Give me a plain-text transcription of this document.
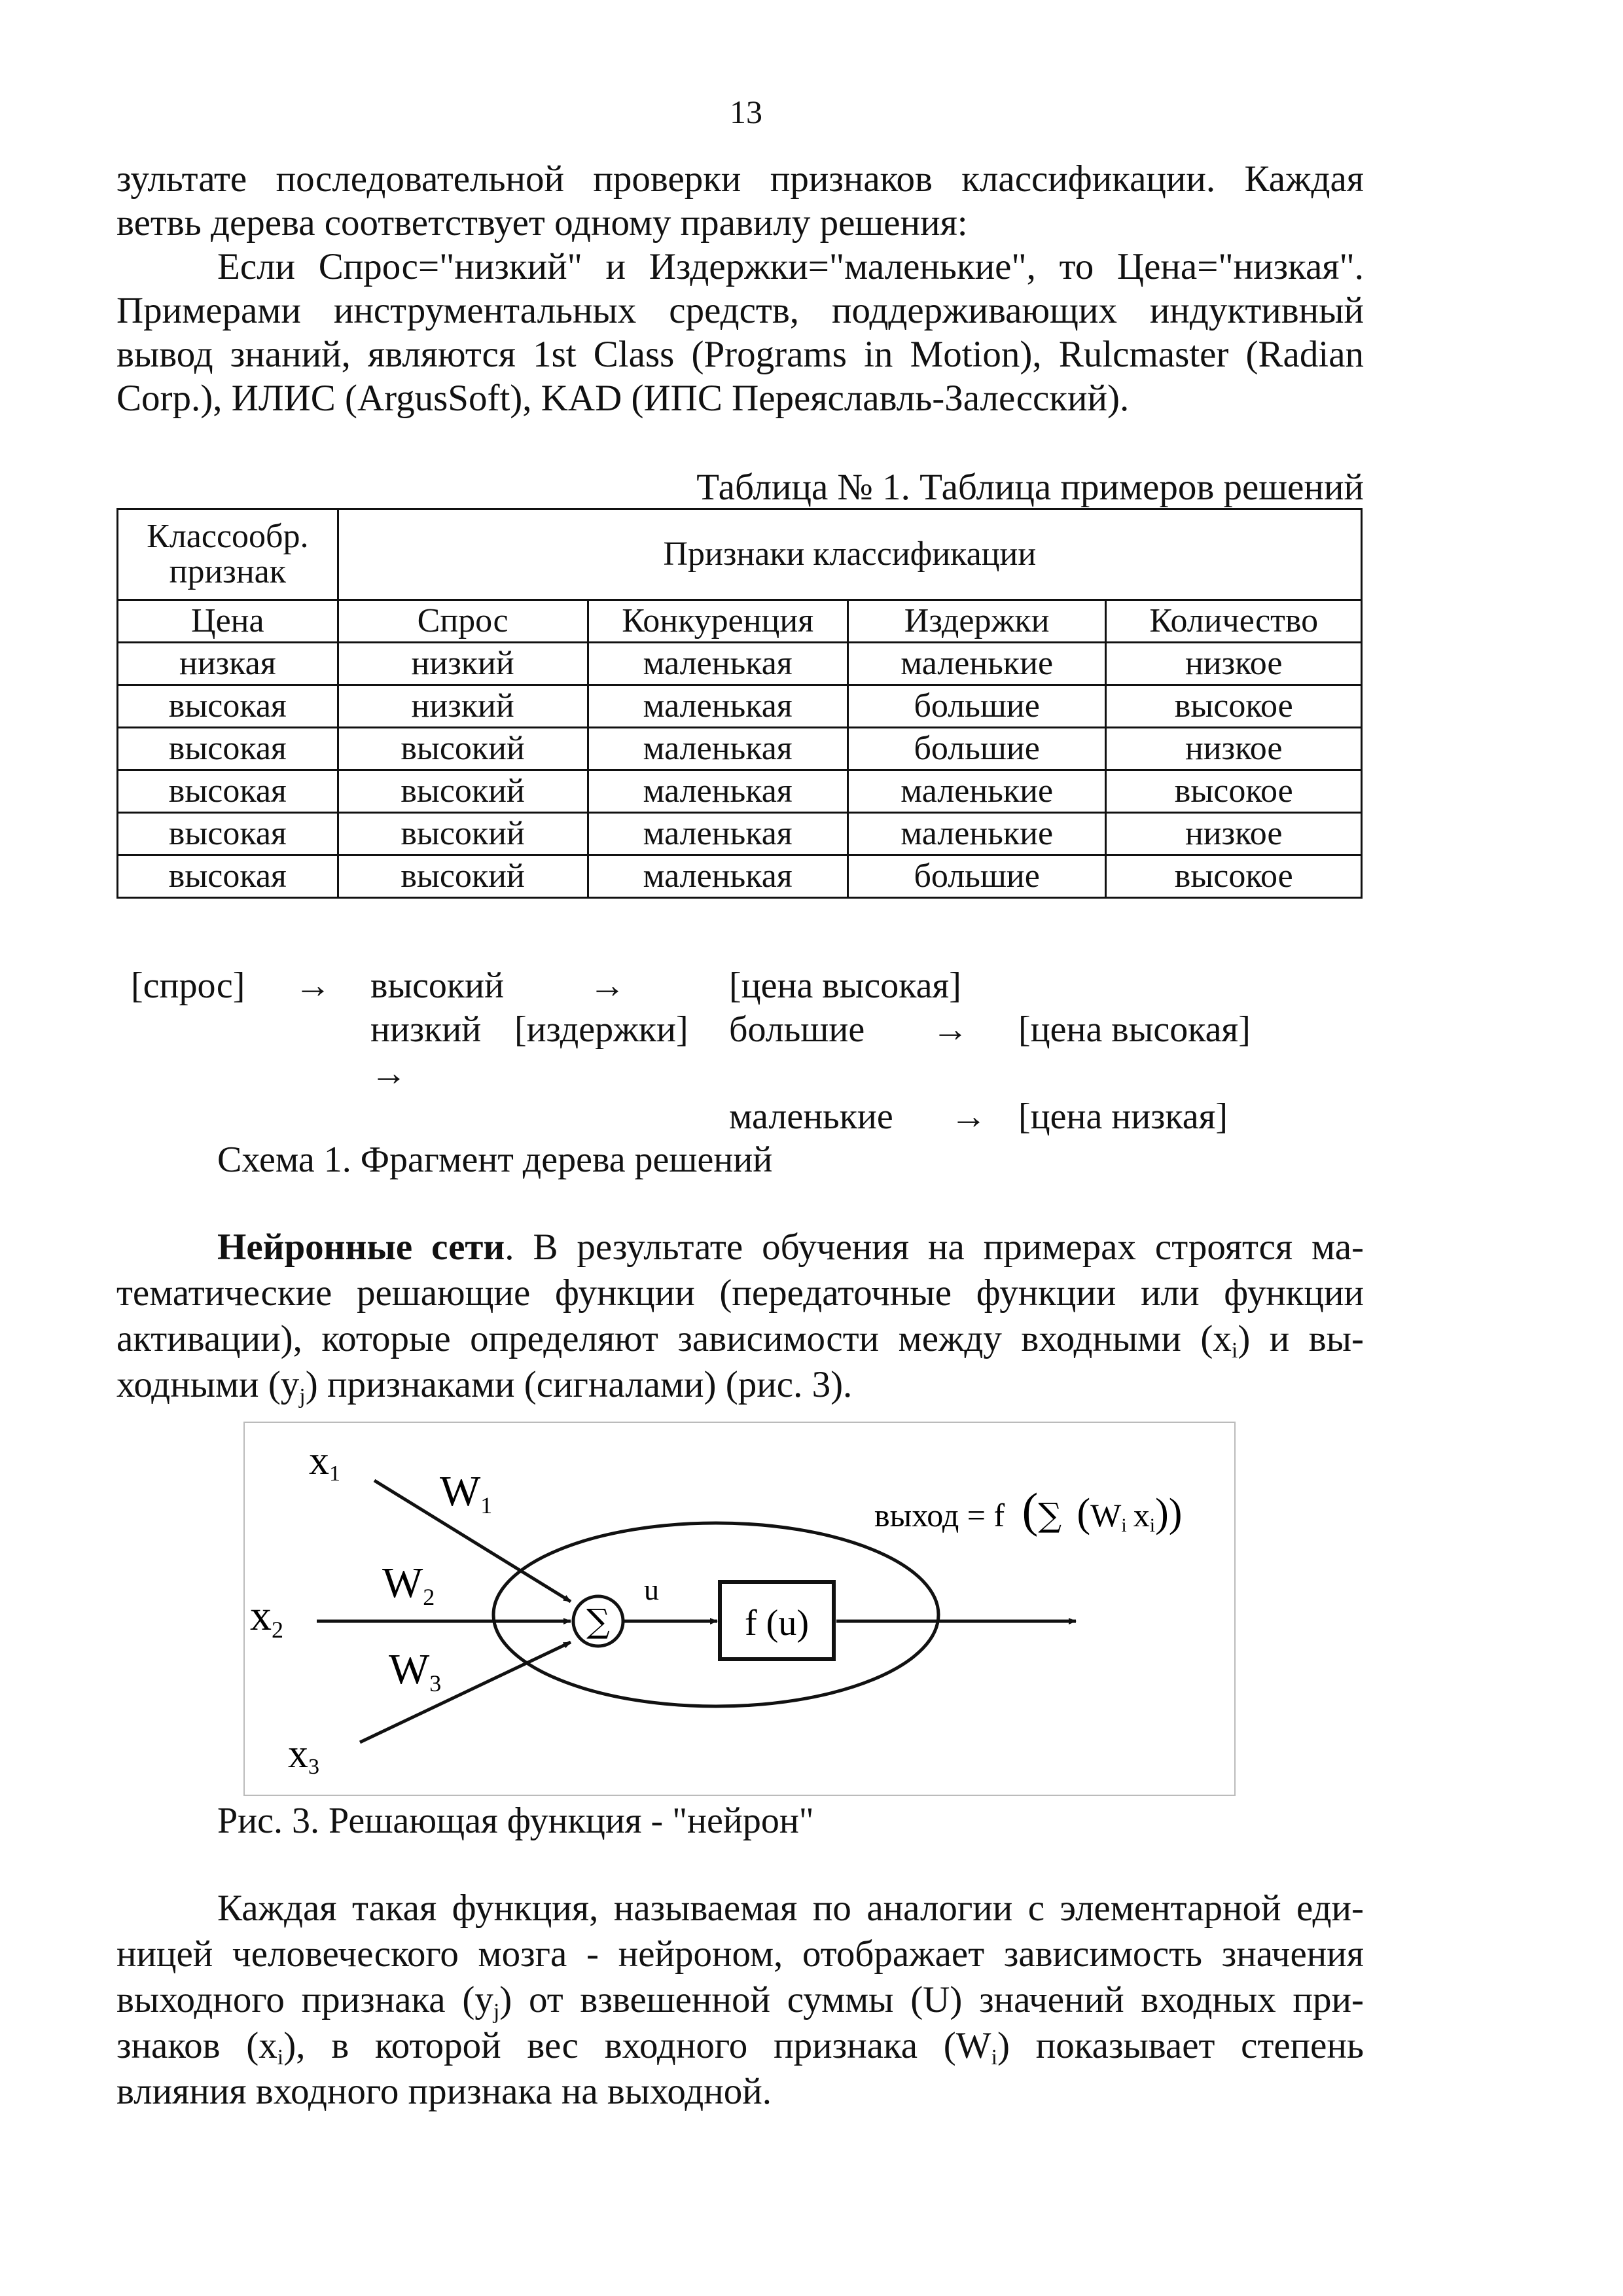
13
зультате последовательной проверки признаков классификации. Каждая
ветвь дерева соответствует одному правилу решения:
Если Спрос="низкий" и Издержки="маленькие", то Цена="низкая".
Примерами инструментальных средств, поддерживающих индуктивный
вывод знаний, являются 1st Class (Programs in Motion), Rulcmaster (Radian
Corp.), ИЛИС (ArgusSoft), KAD (ИПС Переяславль-Залесский).
Таблица № 1. Таблица примеров решений
Классообр. признак	Признаки классификации			
Цена	Спрос	Конкуренция	Издержки	Количество
низкая	низкий	маленькая	маленькие	низкое
высокая	низкий	маленькая	большие	высокое
высокая	высокий	маленькая	большие	низкое
высокая	высокий	маленькая	маленькие	высокое
высокая	высокий	маленькая	маленькие	низкое
высокая	высокий	маленькая	большие	высокое
[спрос] → высокий →	[цена высокая]
низкий [издержки] большие → [цена высокая]
→
маленькие → [цена низкая]
Схема 1. Фрагмент дерева решений
Нейронные сети. В результате обучения на примерах строятся ма-
тематические решающие функции (передаточные функции или функции
активации), которые определяют зависимости между входными $(x_i)$ и вы-
ходными $(y_j)$ признаками (сигналами) (рис. 3).
x1 W1
x2
W2
W3
x3
∑
u
f (u)
выход = f (∑ (Wi xi))
Рис. 3. Решающая функция - "нейрон"
Каждая такая функция, называемая по аналогии с элементарной еди-
ницей человеческого мозга - нейроном, отображает зависимость значения
выходного признака $(y_j)$ от взвешенной суммы (U) значений входных при-
знаков $(x_i)$, в которой вес входного признака $(W_i)$ показывает степень
влияния входного признака на выходной.
